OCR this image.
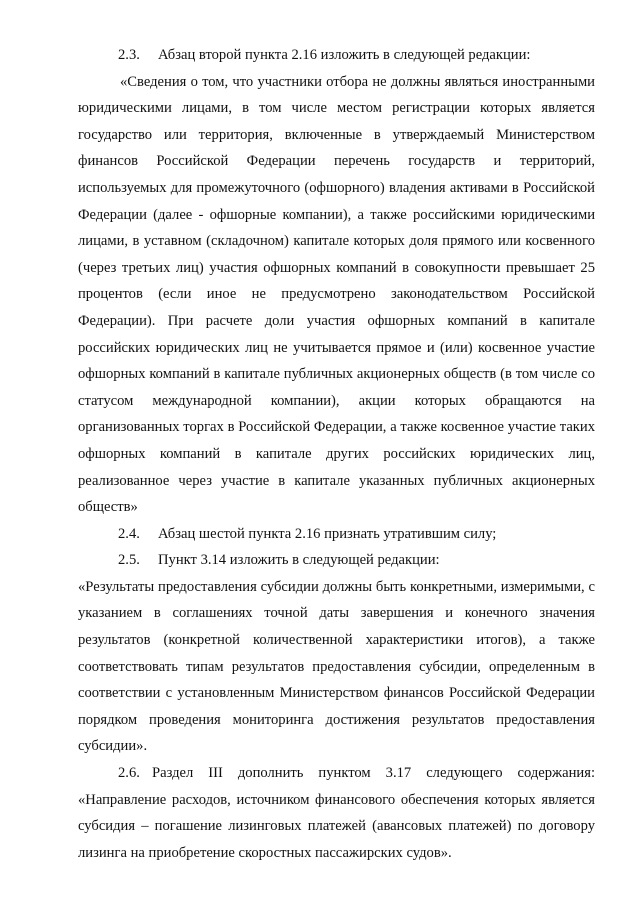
2.3. Абзац второй пункта 2.16 изложить в следующей редакции:

«Сведения о том, что участники отбора не должны являться иностранными юридическими лицами, в том числе местом регистрации которых является государство или территория, включенные в утверждаемый Министерством финансов Российской Федерации перечень государств и территорий, используемых для промежуточного (офшорного) владения активами в Российской Федерации (далее - офшорные компании), а также российскими юридическими лицами, в уставном (складочном) капитале которых доля прямого или косвенного (через третьих лиц) участия офшорных компаний в совокупности превышает 25 процентов (если иное не предусмотрено законодательством Российской Федерации). При расчете доли участия офшорных компаний в капитале российских юридических лиц не учитывается прямое и (или) косвенное участие офшорных компаний в капитале публичных акционерных обществ (в том числе со статусом международной компании), акции которых обращаются на организованных торгах в Российской Федерации, а также косвенное участие таких офшорных компаний в капитале других российских юридических лиц, реализованное через участие в капитале указанных публичных акционерных обществ»

2.4. Абзац шестой пункта 2.16 признать утратившим силу;

2.5. Пункт 3.14 изложить в следующей редакции:

«Результаты предоставления субсидии должны быть конкретными, измеримыми, с указанием в соглашениях точной даты завершения и конечного значения результатов (конкретной количественной характеристики итогов), а также соответствовать типам результатов предоставления субсидии, определенным в соответствии с установленным Министерством финансов Российской Федерации порядком проведения мониторинга достижения результатов предоставления субсидии».

2.6. Раздел III дополнить пунктом 3.17 следующего содержания:

«Направление расходов, источником финансового обеспечения которых является субсидия – погашение лизинговых платежей (авансовых платежей) по договору лизинга на приобретение скоростных пассажирских судов».
